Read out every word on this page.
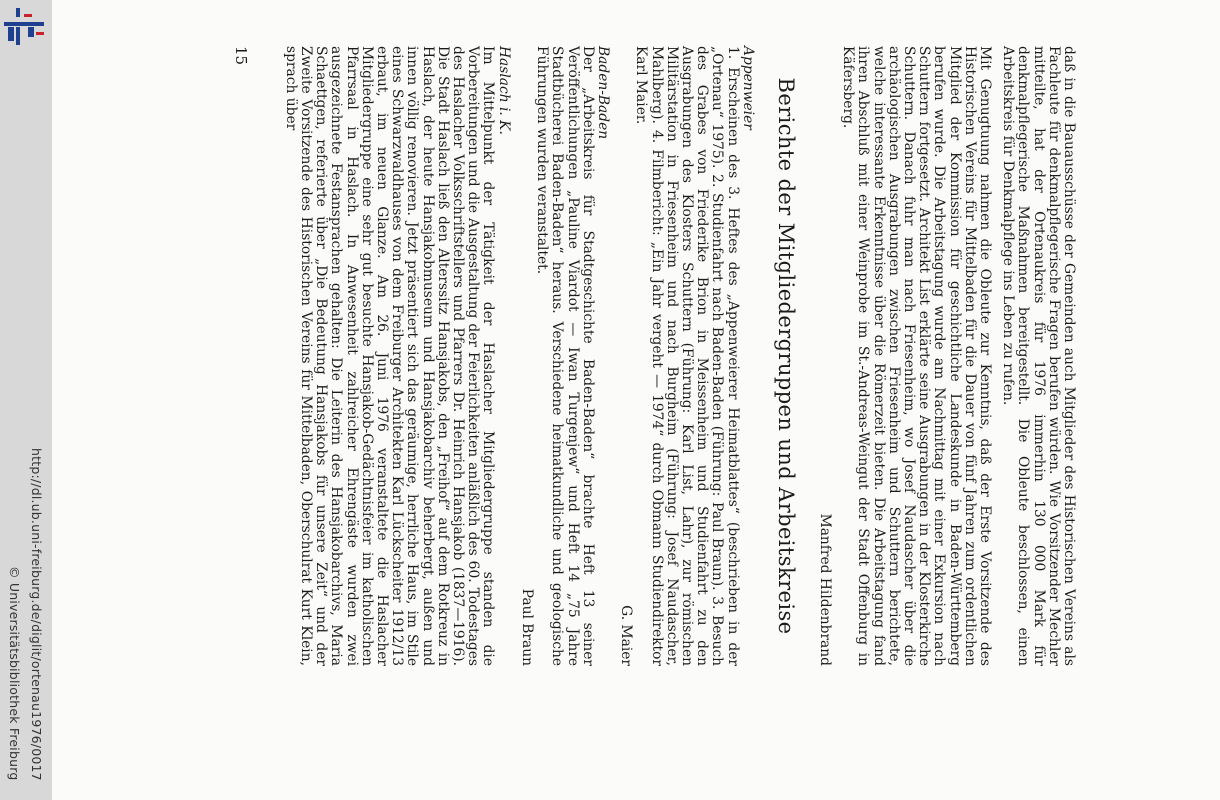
http://dl.ub.uni-freiburg.de/diglit/ortenau1976/0017
© Universitätsbibliothek Freiburg

daß in die Bauausschüsse der Gemeinden auch Mitglieder des Historischen Vereins als Fachleute für denkmalpflegerische Fragen berufen würden. Wie Vorsitzender Mechler mitteilte, hat der Ortenaukreis für 1976 immerhin 130 000 Mark für denkmalpflegerische Maßnahmen bereitgestellt. Die Obleute beschlossen, einen Arbeitskreis für Denkmalpflege ins Leben zu rufen.

Mit Genugtuung nahmen die Obleute zur Kenntnis, daß der Erste Vorsitzende des Historischen Vereins für Mittelbaden für die Dauer von fünf Jahren zum ordentlichen Mitglied der Kommission für geschichtliche Landeskunde in Baden-Württemberg berufen wurde. Die Arbeitstagung wurde am Nachmittag mit einer Exkursion nach Schuttern fortgesetzt. Architekt List erklärte seine Ausgrabungen in der Klosterkirche Schuttern. Danach fuhr man nach Friesenheim, wo Josef Naudascher über die archäologischen Ausgrabungen zwischen Friesenheim und Schuttern berichtete, welche interessante Erkenntnisse über die Römerzeit bieten. Die Arbeitstagung fand ihren Abschluß mit einer Weinprobe im St.-Andreas-Weingut der Stadt Offenburg in Käfersberg.

Manfred Hildenbrand

Berichte der Mitgliedergruppen und Arbeitskreise

Appenweier

1. Erscheinen des 3. Heftes des „Appenweierer Heimatblattes“ (beschrieben in der „Ortenau“ 1975). 2. Studienfahrt nach Baden-Baden (Führung: Paul Braun). 3. Besuch des Grabes von Friederike Brion in Meissenheim und Studienfahrt zu den Ausgrabungen des Klosters Schuttern (Führung: Karl List, Lahr), zur römischen Militärstation in Friesenheim und nach Burgheim (Führung: Josef Naudascher, Mahlberg). 4. Filmbericht: „Ein Jahr vergeht — 1974“ durch Obmann Studiendirektor Karl Maier.

G. Maier

Baden-Baden

Der „Arbeitskreis für Stadtgeschichte Baden-Baden“ brachte Heft 13 seiner Veröffentlichungen „Pauline Viardot — Iwan Turgenjew“ und Heft 14 „75 Jahre Stadtbücherei Baden-Baden“ heraus. Verschiedene heimatkundliche und geologische Führungen wurden veranstaltet.

Paul Braun

Haslach i. K.

Im Mittelpunkt der Tätigkeit der Haslacher Mitgliedergruppe standen die Vorbereitungen und die Ausgestaltung der Feierlichkeiten anläßlich des 60. Todestages des Haslacher Volksschriftstellers und Pfarrers Dr. Heinrich Hansjakob (1837—1916). Die Stadt Haslach ließ den Alterssitz Hansjakobs, den „Freihof“ auf dem Rotkreuz in Haslach, der heute Hansjakobmuseum und Hansjakobarchiv beherbergt, außen und innen völlig renovieren. Jetzt präsentiert sich das geräumige, herrliche Haus, im Stile eines Schwarzwaldhauses von dem Freiburger Architekten Karl Lückscheiter 1912/13 erbaut, im neuen Glanze. Am 26. Juni 1976 veranstaltete die Haslacher Mitgliedergruppe eine sehr gut besuchte Hansjakob-Gedächtnisfeier im katholischen Pfarrsaal in Haslach. In Anwesenheit zahlreicher Ehrengäste wurden zwei ausgezeichnete Festansprachen gehalten: Die Leiterin des Hansjakobarchivs, Maria Schaettgen, referierte über „Die Bedeutung Hansjakobs für unsere Zeit“ und der Zweite Vorsitzende des Historischen Vereins für Mittelbaden, Oberschulrat Kurt Klein, sprach über

15
